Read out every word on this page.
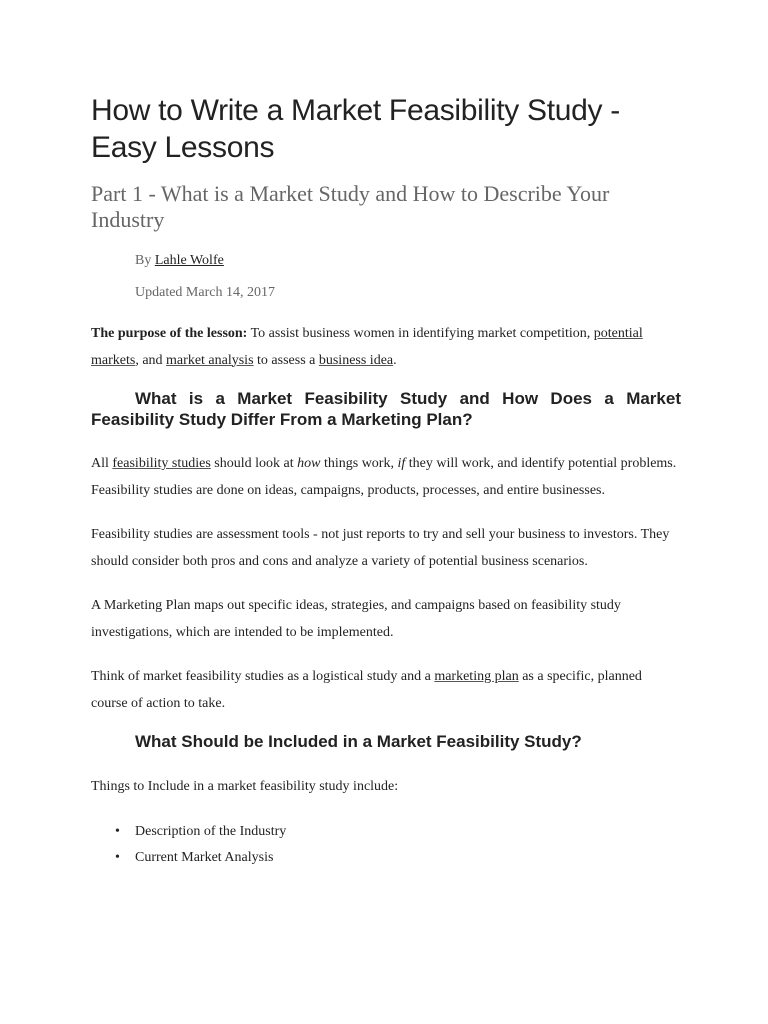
How to Write a Market Feasibility Study - Easy Lessons
Part 1 - What is a Market Study and How to Describe Your Industry
By Lahle Wolfe
Updated March 14, 2017

The purpose of the lesson: To assist business women in identifying market competition, potential markets, and market analysis to assess a business idea.

What is a Market Feasibility Study and How Does a Market Feasibility Study Differ From a Marketing Plan?

All feasibility studies should look at how things work, if they will work, and identify potential problems. Feasibility studies are done on ideas, campaigns, products, processes, and entire businesses.

Feasibility studies are assessment tools - not just reports to try and sell your business to investors. They should consider both pros and cons and analyze a variety of potential business scenarios.

A Marketing Plan maps out specific ideas, strategies, and campaigns based on feasibility study investigations, which are intended to be implemented.

Think of market feasibility studies as a logistical study and a marketing plan as a specific, planned course of action to take.

What Should be Included in a Market Feasibility Study?

Things to Include in a market feasibility study include:

• Description of the Industry
• Current Market Analysis
